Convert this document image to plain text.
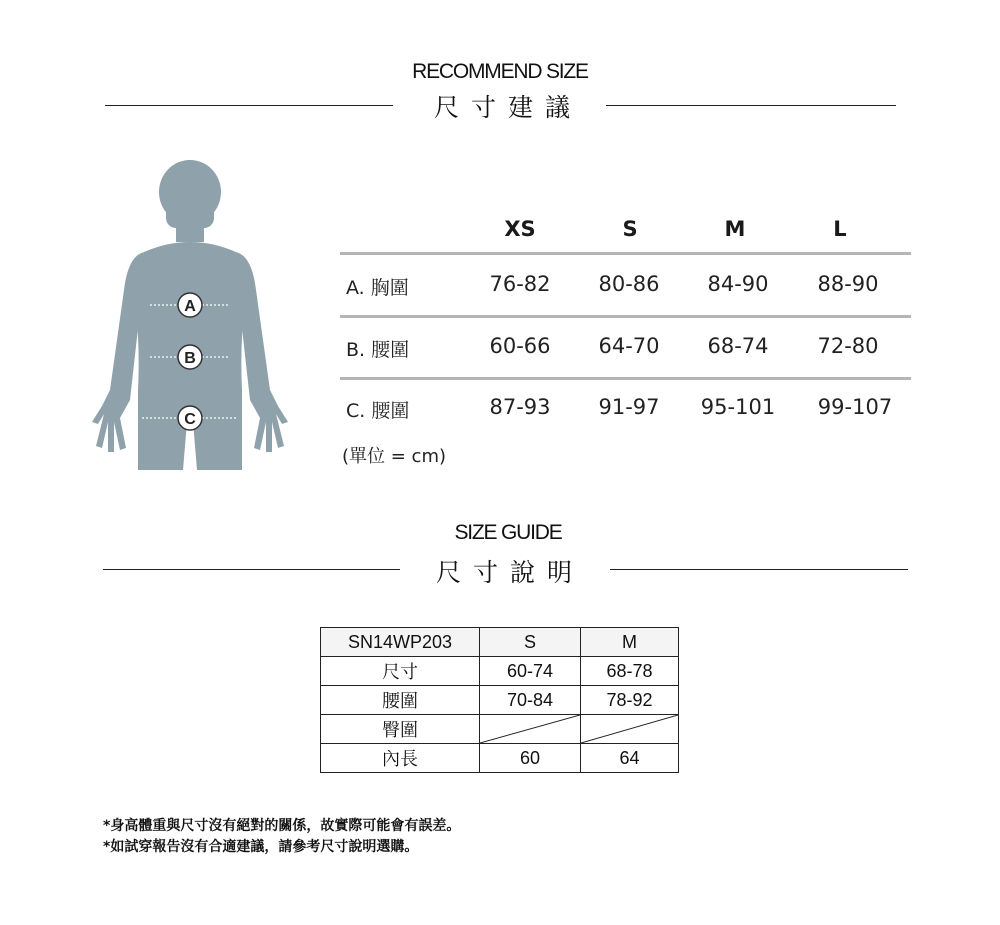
RECOMMEND SIZE
尺寸建議
A
B
C
XS	S	M	L
A. 胸圍	76-82	80-86	84-90	88-90
B. 腰圍	60-66	64-70	68-74	72-80
C. 腰圍	87-93	91-97	95-101	99-107
(單位 = cm)
SIZE GUIDE
尺寸說明
SN14WP203	S	M
尺寸	60-74	68-78
腰圍	70-84	78-92
臀圍	

內長	60	64
*身高體重與尺寸沒有絕對的關係，故實際可能會有誤差。
*如試穿報告沒有合適建議，請參考尺寸說明選購。
